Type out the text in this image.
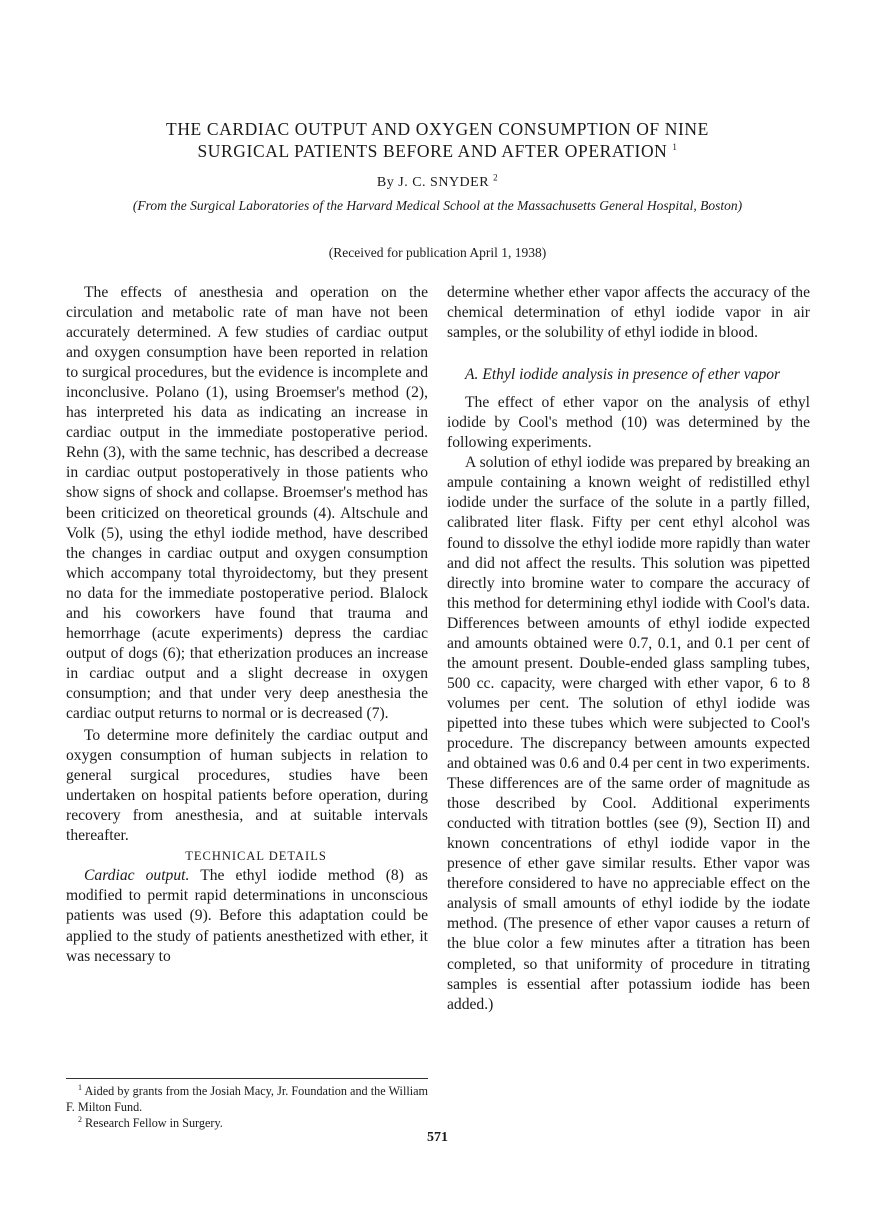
THE CARDIAC OUTPUT AND OXYGEN CONSUMPTION OF NINE
SURGICAL PATIENTS BEFORE AND AFTER OPERATION $^1$
By J. C. SNYDER $^2$
(From the Surgical Laboratories of the Harvard Medical School at the Massachusetts General Hospital, Boston)
(Received for publication April 1, 1938)

The effects of anesthesia and operation on the circulation and metabolic rate of man have not been accurately determined. A few studies of cardiac output and oxygen consumption have been reported in relation to surgical procedures, but the evidence is incomplete and inconclusive. Polano (1), using Broemser's method (2), has interpreted his data as indicating an increase in cardiac output in the immediate postoperative period. Rehn (3), with the same technic, has described a decrease in cardiac output postoperatively in those patients who show signs of shock and collapse. Broemser's method has been criticized on theoretical grounds (4). Altschule and Volk (5), using the ethyl iodide method, have described the changes in cardiac output and oxygen consumption which accompany total thyroidectomy, but they present no data for the immediate postoperative period. Blalock and his coworkers have found that trauma and hemorrhage (acute experiments) depress the cardiac output of dogs (6); that etherization produces an increase in cardiac output and a slight decrease in oxygen consumption; and that under very deep anesthesia the cardiac output returns to normal or is decreased (7).

To determine more definitely the cardiac output and oxygen consumption of human subjects in relation to general surgical procedures, studies have been undertaken on hospital patients before operation, during recovery from anesthesia, and at suitable intervals thereafter.

TECHNICAL DETAILS

Cardiac output. The ethyl iodide method (8) as modified to permit rapid determinations in unconscious patients was used (9). Before this adaptation could be applied to the study of patients anesthetized with ether, it was necessary to

determine whether ether vapor affects the accuracy of the chemical determination of ethyl iodide vapor in air samples, or the solubility of ethyl iodide in blood.

A. Ethyl iodide analysis in presence of ether vapor

The effect of ether vapor on the analysis of ethyl iodide by Cool's method (10) was determined by the following experiments.

A solution of ethyl iodide was prepared by breaking an ampule containing a known weight of redistilled ethyl iodide under the surface of the solute in a partly filled, calibrated liter flask. Fifty per cent ethyl alcohol was found to dissolve the ethyl iodide more rapidly than water and did not affect the results. This solution was pipetted directly into bromine water to compare the accuracy of this method for determining ethyl iodide with Cool's data. Differences between amounts of ethyl iodide expected and amounts obtained were 0.7, 0.1, and 0.1 per cent of the amount present. Double-ended glass sampling tubes, 500 cc. capacity, were charged with ether vapor, 6 to 8 volumes per cent. The solution of ethyl iodide was pipetted into these tubes which were subjected to Cool's procedure. The discrepancy between amounts expected and obtained was 0.6 and 0.4 per cent in two experiments. These differences are of the same order of magnitude as those described by Cool. Additional experiments conducted with titration bottles (see (9), Section II) and known concentrations of ethyl iodide vapor in the presence of ether gave similar results. Ether vapor was therefore considered to have no appreciable effect on the analysis of small amounts of ethyl iodide by the iodate method. (The presence of ether vapor causes a return of the blue color a few minutes after a titration has been completed, so that uniformity of procedure in titrating samples is essential after potassium iodide has been added.)

$^1$ Aided by grants from the Josiah Macy, Jr. Foundation and the William F. Milton Fund.
$^2$ Research Fellow in Surgery.
571
